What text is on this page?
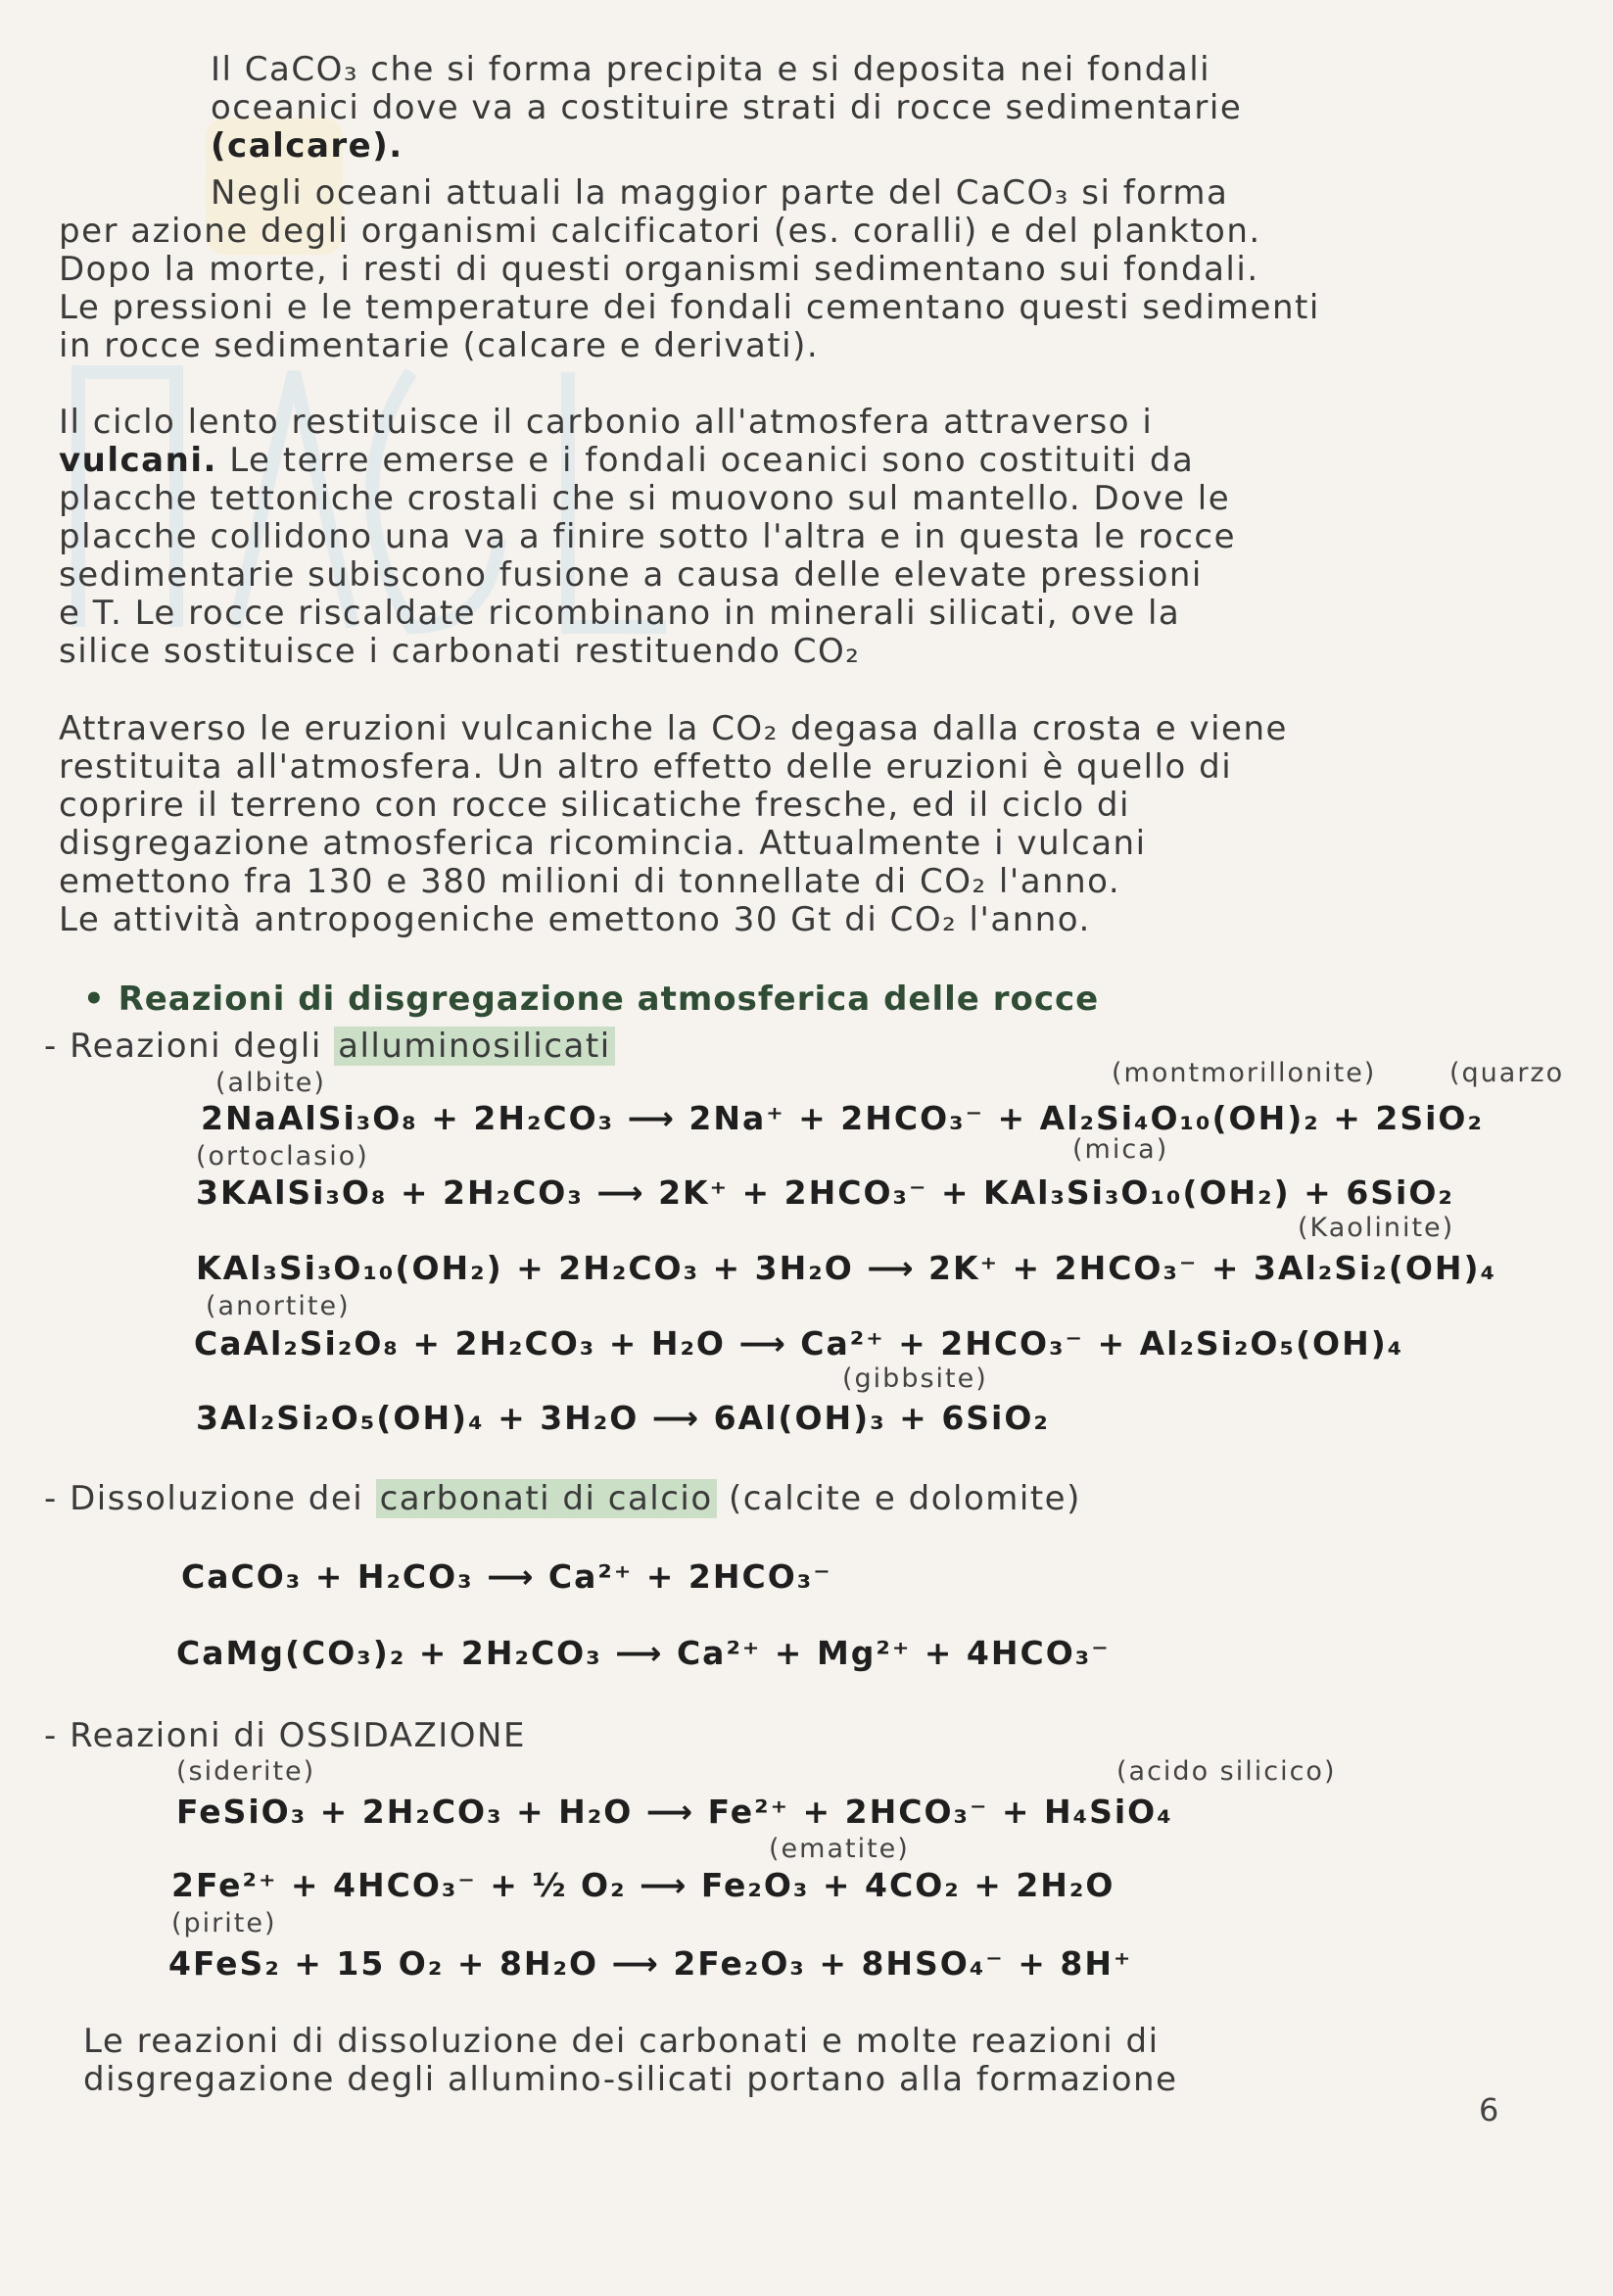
Il CaCO₃ che si forma precipita e si deposita nei fondali
oceanici dove va a costituire strati di rocce sedimentarie
(calcare).
Negli oceani attuali la maggior parte del CaCO₃ si forma
per azione degli organismi calcificatori (es. coralli) e del plankton.
Dopo la morte, i resti di questi organismi sedimentano sui fondali.
Le pressioni e le temperature dei fondali cementano questi sedimenti
in rocce sedimentarie (calcare e derivati).
Il ciclo lento restituisce il carbonio all'atmosfera attraverso i
vulcani. Le terre emerse e i fondali oceanici sono costituiti da
placche tettoniche crostali che si muovono sul mantello. Dove le
placche collidono una va a finire sotto l'altra e in questa le rocce
sedimentarie subiscono fusione a causa delle elevate pressioni
e T. Le rocce riscaldate ricombinano in minerali silicati, ove la
silice sostituisce i carbonati restituendo CO₂
Attraverso le eruzioni vulcaniche la CO₂ degasa dalla crosta e viene
restituita all'atmosfera. Un altro effetto delle eruzioni è quello di
coprire il terreno con rocce silicatiche fresche, ed il ciclo di
disgregazione atmosferica ricomincia. Attualmente i vulcani
emettono fra 130 e 380 milioni di tonnellate di CO₂ l'anno.
Le attività antropogeniche emettono 30 Gt di CO₂ l'anno.
• Reazioni di disgregazione atmosferica delle rocce
- Reazioni degli alluminosilicati
(albite)	(montmorillonite)	(quarzo
2NaAlSi₃O₈ + 2H₂CO₃ ⟶ 2Na⁺ + 2HCO₃⁻ + Al₂Si₄O₁₀(OH)₂ + 2SiO₂
(ortoclasio)	(mica)
3KAlSi₃O₈ + 2H₂CO₃ ⟶ 2K⁺ + 2HCO₃⁻ + KAl₃Si₃O₁₀(OH₂) + 6SiO₂
(Kaolinite)
KAl₃Si₃O₁₀(OH₂) + 2H₂CO₃ + 3H₂O ⟶ 2K⁺ + 2HCO₃⁻ + 3Al₂Si₂(OH)₄
(anortite)
CaAl₂Si₂O₈ + 2H₂CO₃ + H₂O ⟶ Ca²⁺ + 2HCO₃⁻ + Al₂Si₂O₅(OH)₄
(gibbsite)
3Al₂Si₂O₅(OH)₄ + 3H₂O ⟶ 6Al(OH)₃ + 6SiO₂
- Dissoluzione dei carbonati di calcio (calcite e dolomite)
CaCO₃ + H₂CO₃ ⟶ Ca²⁺ + 2HCO₃⁻
CaMg(CO₃)₂ + 2H₂CO₃ ⟶ Ca²⁺ + Mg²⁺ + 4HCO₃⁻
- Reazioni di OSSIDAZIONE
(siderite)	(acido silicico)
FeSiO₃ + 2H₂CO₃ + H₂O ⟶ Fe²⁺ + 2HCO₃⁻ + H₄SiO₄
(ematite)
2Fe²⁺ + 4HCO₃⁻ + ½ O₂ ⟶ Fe₂O₃ + 4CO₂ + 2H₂O
(pirite)
4FeS₂ + 15 O₂ + 8H₂O ⟶ 2Fe₂O₃ + 8HSO₄⁻ + 8H⁺
Le reazioni di dissoluzione dei carbonati e molte reazioni di
disgregazione degli allumino-silicati portano alla formazione
6
